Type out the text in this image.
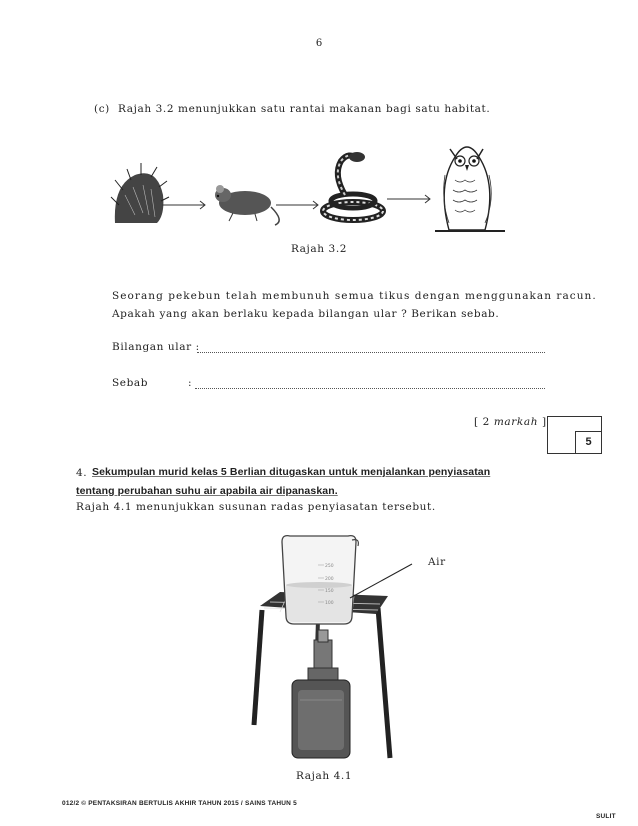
6
(c) Rajah 3.2 menunjukkan satu rantai makanan bagi satu habitat.
Rajah 3.2
Seorang pekebun telah membunuh semua tikus dengan menggunakan racun.
Apakah yang akan berlaku kepada bilangan ular ? Berikan sebab.
Bilangan ular :
Sebab	:
[ 2 markah ]
5
4. Sekumpulan murid kelas 5 Berlian ditugaskan untuk menjalankan penyiasatan
tentang perubahan suhu air apabila air dipanaskan.
Rajah 4.1 menunjukkan susunan radas penyiasatan tersebut.
250
200
150
100
Air
Rajah 4.1
012/2 © PENTAKSIRAN BERTULIS AKHIR TAHUN 2015 / SAINS TAHUN 5
SULIT
